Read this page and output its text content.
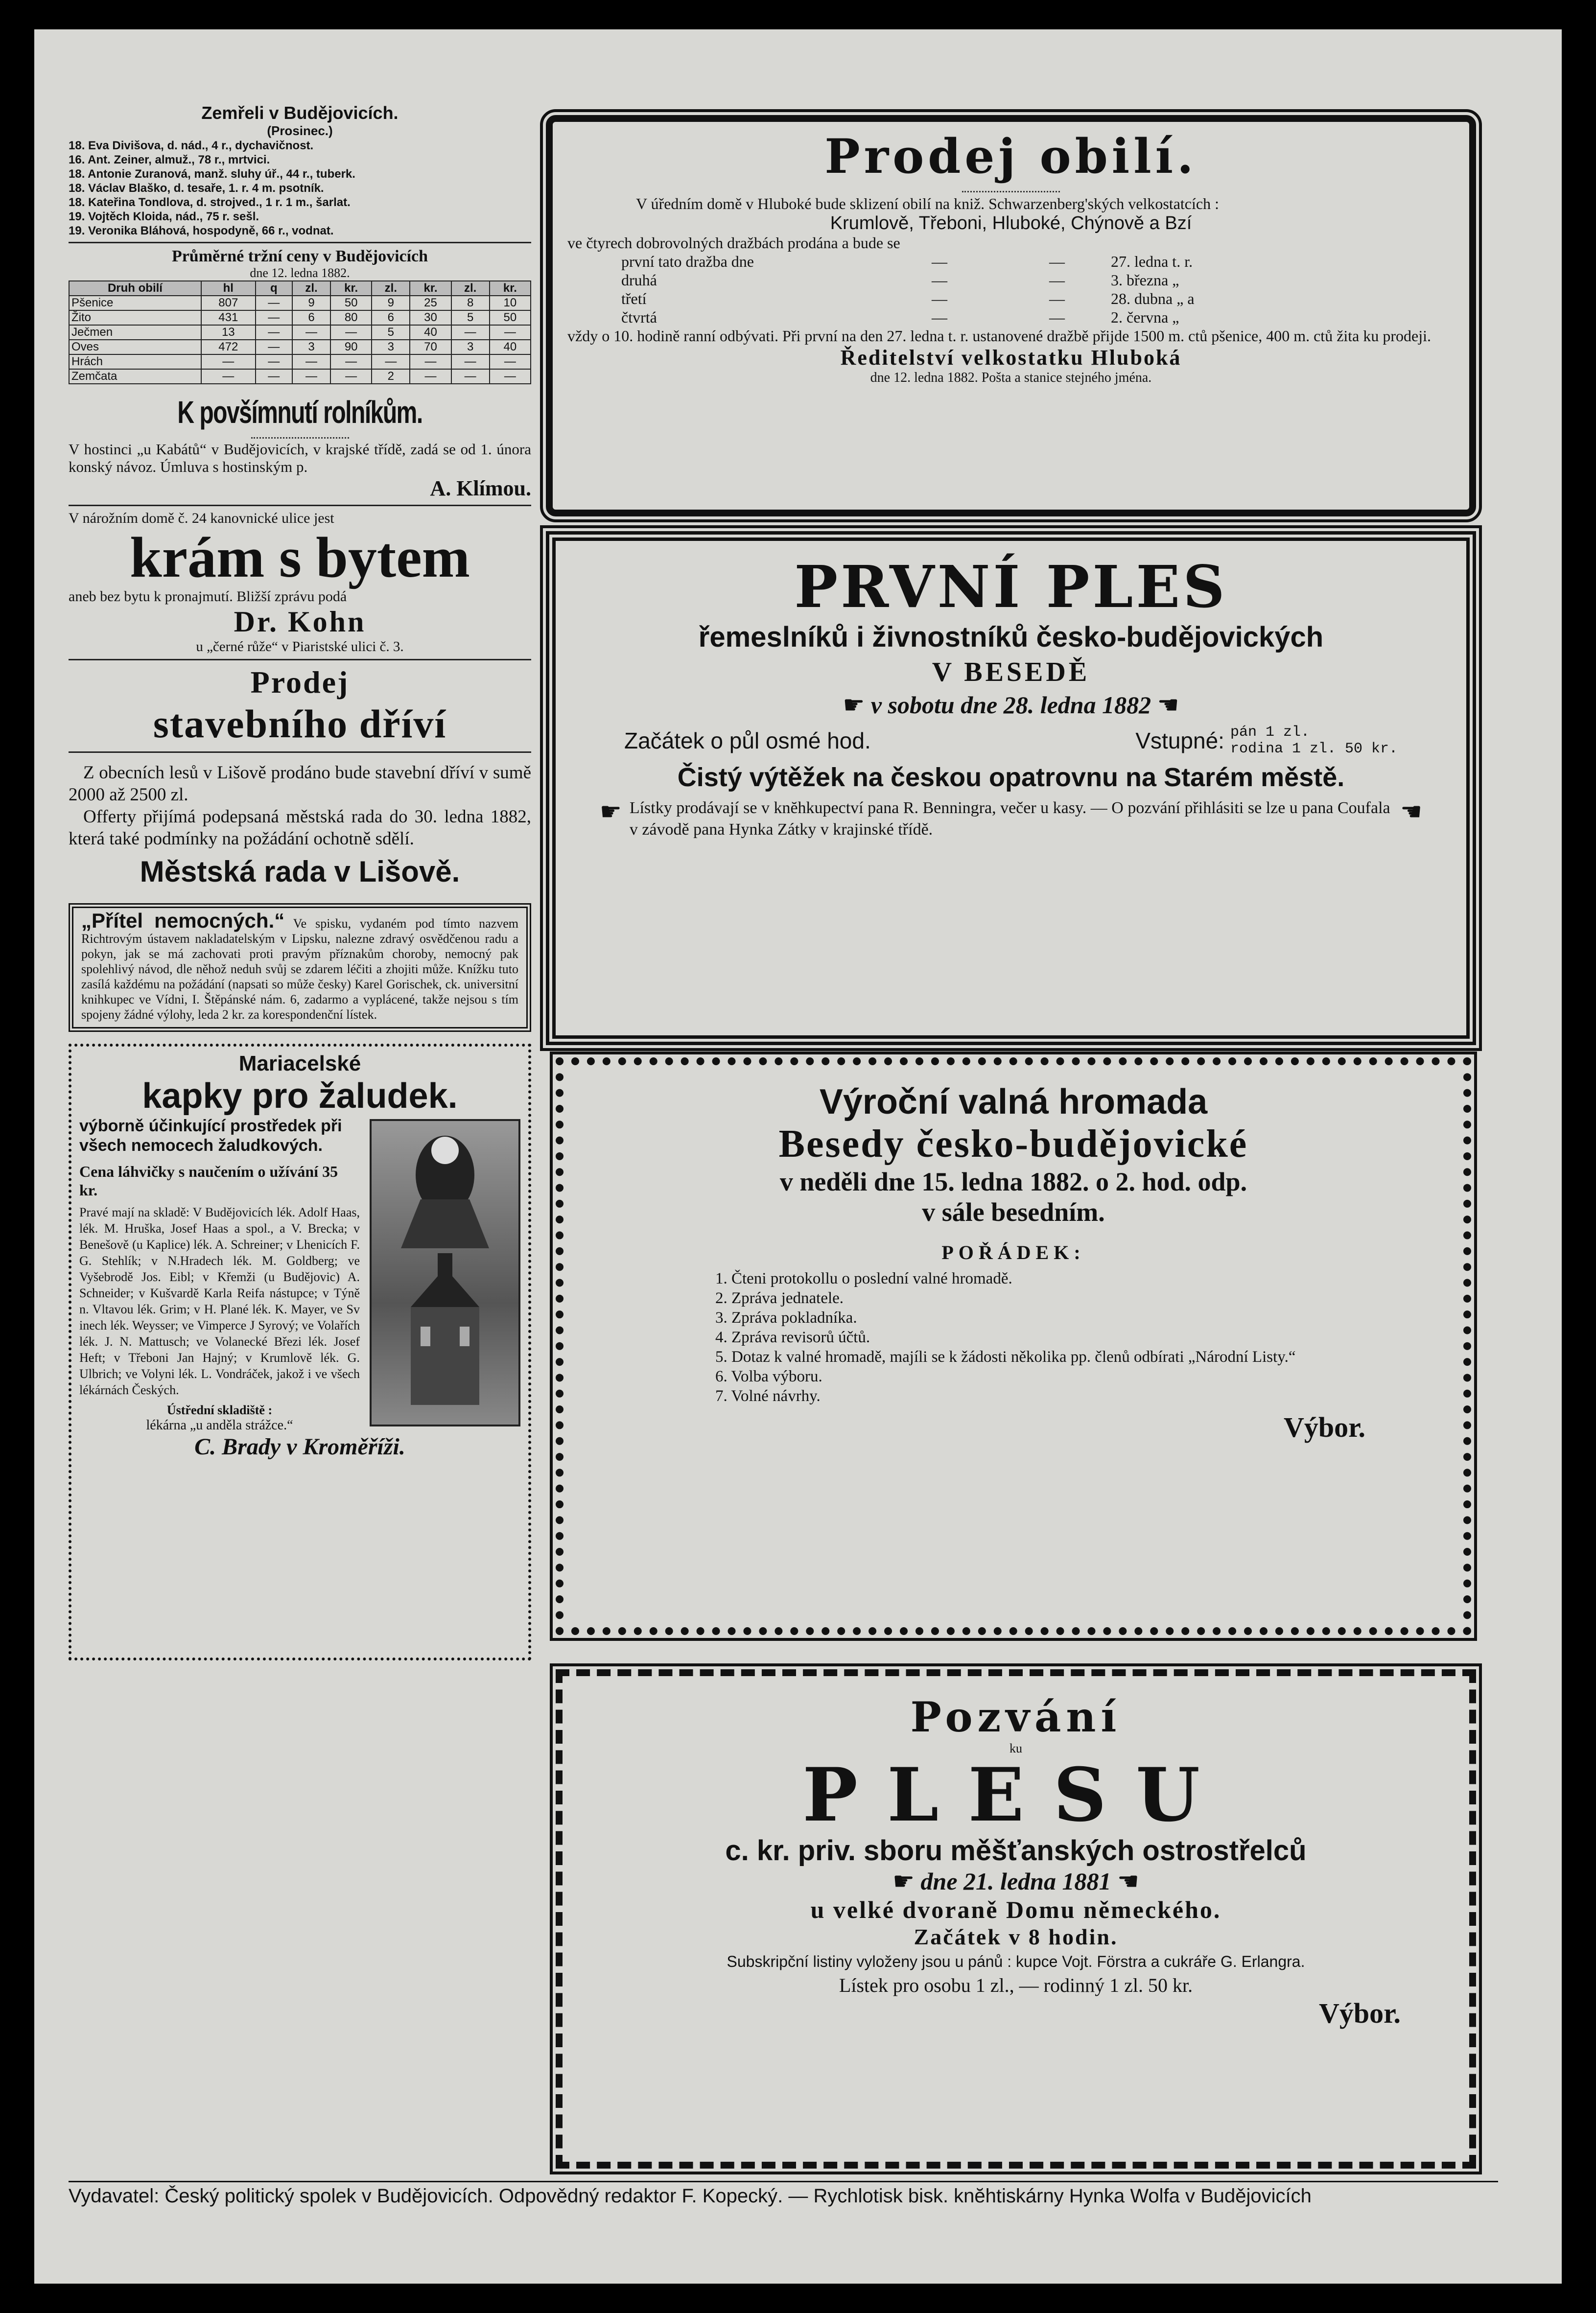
Zemřeli v Budějovicích.
(Prosinec.)
18. Eva Divišova, d. nád., 4 r., dychavičnost.
16. Ant. Zeiner, almuž., 78 r., mrtvici.
18. Antonie Zuranová, manž. sluhy úř., 44 r., tuberk.
18. Václav Blaško, d. tesaře, 1. r. 4 m. psotník.
18. Kateřina Tondlova, d. strojved., 1 r. 1 m., šarlat.
19. Vojtěch Kloida, nád., 75 r. sešl.
19. Veronika Bláhová, hospodyně, 66 r., vodnat.
Průměrné tržní ceny v Budějovicích
dne 12. ledna 1882.
Druh obilí	hl	q	zl.	kr.	zl.	kr.	zl.	kr.
Pšenice	807	—	9	50	9	25	8	10
Žito	431	—	6	80	6	30	5	50
Ječmen	13	—	—	—	5	40	—	—
Oves	472	—	3	90	3	70	3	40
Hrách	—	—	—	—	—	—	—	—
Zemčata	—	—	—	—	2	—	—	—
K povšímnutí rolníkům.
V hostinci „u Kabátů“ v Budějovicích, v krajské třídě, zadá se od 1. února konský návoz. Úmluva s hostinským p.
A. Klímou.
V nárožním domě č. 24 kanovnické ulice jest
krám s bytem
aneb bez bytu k pronajmutí. Bližší zprávu podá
Dr. Kohn
u „černé růže“ v Piaristské ulici č. 3.
Prodej
stavebního dříví
Z obecních lesů v Lišově prodáno bude stavební dříví v sumě 2000 až 2500 zl.
Offerty přijímá podepsaná městská rada do 30. ledna 1882, která také podmínky na požádání ochotně sdělí.
Městská rada v Lišově.
„Přítel nemocných.“ Ve spisku, vydaném pod tímto nazvem Richtrovým ústavem nakladatelským v Lipsku, nalezne zdravý osvědčenou radu a pokyn, jak se má zachovati proti pravým příznakům choroby, nemocný pak spolehlivý návod, dle něhož neduh svůj se zdarem léčiti a zhojiti může. Knížku tuto zasílá každému na požádání (napsati so může česky) Karel Gorischek, ck. universitní knihkupec ve Vídni, I. Štěpánské nám. 6, zadarmo a vyplácené, takže nejsou s tím spojeny žádné výlohy, leda 2 kr. za korespondenční lístek.
Mariacelské
kapky pro žaludek.
výborně účinkující prostředek při všech nemocech žaludkových.
Cena láhvičky s naučením o užívání 35 kr.
Pravé mají na skladě: V Budějovicích lék. Adolf Haas, lék. M. Hruška, Josef Haas a spol., a V. Brecka; v Benešově (u Kaplice) lék. A. Schreiner; v Lhenicích F. G. Stehlík; v N.Hradech lék. M. Goldberg; ve Vyšebrodě Jos. Eibl; v Křemži (u Budějovic) A. Schneider; v Kušvardě Karla Reifa nástupce; v Týně n. Vltavou lék. Grim; v H. Plané lék. K. Mayer, ve Sv inech lék. Weysser; ve Vimperce J Syrový; ve Volařích lék. J. N. Mattusch; ve Volanecké Březi lék. Josef Heft; v Třeboni Jan Hajný; v Krumlově lék. G. Ulbrich; ve Volyni lék. L. Vondráček, jakož i ve všech lékárnách Českých.
Ústřední skladiště :
lékárna „u anděla strážce.“
C. Brady v Kroměříži.
Prodej obilí.
V úředním domě v Hluboké bude sklizení obilí na kniž. Schwarzenberg'ských velkostatcích :
Krumlově, Třeboni, Hluboké, Chýnově a Bzí
ve čtyrech dobrovolných dražbách prodána a bude se
první tato dražba dne	—	—	27. ledna t. r.
druhá	—	—	3. března „
třetí	—	—	28. dubna „ a
čtvrtá	—	—	2. června „
vždy o 10. hodině ranní odbývati. Při první na den 27. ledna t. r. ustanovené dražbě přijde 1500 m. ctů pšenice, 400 m. ctů žita ku prodeji.
Ředitelství velkostatku Hluboká
dne 12. ledna 1882. Pošta a stanice stejného jména.
PRVNÍ PLES
řemeslníků i živnostníků česko-budějovických
V BESEDĚ
☛ v sobotu dne 28. ledna 1882 ☚
Začátek o půl osmé hod.	Vstupné: pán 1 zl.
rodina 1 zl. 50 kr.
Čistý výtěžek na českou opatrovnu na Starém městě.
☛ Lístky prodávají se v knĕhkupectví pana R. Benningra, večer u kasy. — O pozvání přihlásiti se lze u pana Coufala v závodě pana Hynka Zátky v krajinské třídě.
☚
Výroční valná hromada
Besedy česko-budějovické
v neděli dne 15. ledna 1882. o 2. hod. odp.
v sále besedním.
POŘÁDEK:
1. Čteni protokollu o poslední valné hromadě.
2. Zpráva jednatele.
3. Zpráva pokladníka.
4. Zpráva revisorů účtů.
5. Dotaz k valné hromadě, majíli se k žádosti několika pp. členů odbírati „Národní Listy.“
6. Volba výboru.
7. Volné návrhy.
Výbor.
Pozvání
ku
PLESU
c. kr. priv. sboru měšťanských ostrostřelců
☛ dne 21. ledna 1881 ☚
u velké dvoraně Domu německého.
Začátek v 8 hodin.
Subskripční listiny vyloženy jsou u pánů : kupce Vojt. Förstra a cukráře G. Erlangra.
Lístek pro osobu 1 zl., — rodinný 1 zl. 50 kr.
Výbor.
Vydavatel: Český politický spolek v Budějovicích. Odpovědný redaktor F. Kopecký. — Rychlotisk bisk. knĕhtiskárny Hynka Wolfa v Budějovicích
